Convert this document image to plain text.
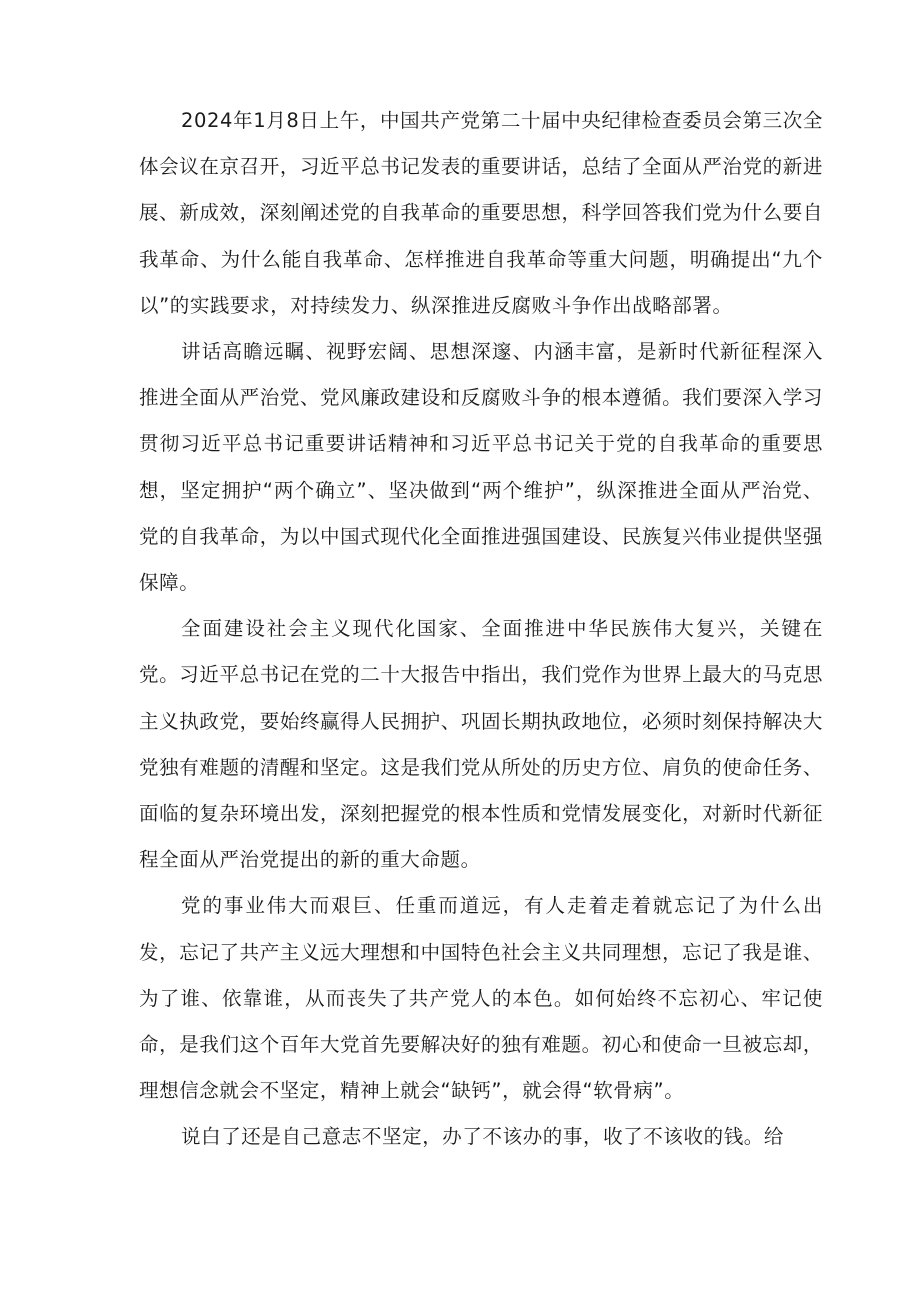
2024年1月8日上午，中国共产党第二十届中央纪律检查委员会第三次全体会议在京召开，习近平总书记发表的重要讲话，总结了全面从严治党的新进展、新成效，深刻阐述党的自我革命的重要思想，科学回答我们党为什么要自我革命、为什么能自我革命、怎样推进自我革命等重大问题，明确提出“九个以”的实践要求，对持续发力、纵深推进反腐败斗争作出战略部署。

讲话高瞻远瞩、视野宏阔、思想深邃、内涵丰富，是新时代新征程深入推进全面从严治党、党风廉政建设和反腐败斗争的根本遵循。我们要深入学习贯彻习近平总书记重要讲话精神和习近平总书记关于党的自我革命的重要思想，坚定拥护“两个确立”、坚决做到“两个维护”，纵深推进全面从严治党、党的自我革命，为以中国式现代化全面推进强国建设、民族复兴伟业提供坚强保障。

全面建设社会主义现代化国家、全面推进中华民族伟大复兴，关键在党。习近平总书记在党的二十大报告中指出，我们党作为世界上最大的马克思主义执政党，要始终赢得人民拥护、巩固长期执政地位，必须时刻保持解决大党独有难题的清醒和坚定。这是我们党从所处的历史方位、肩负的使命任务、面临的复杂环境出发，深刻把握党的根本性质和党情发展变化，对新时代新征程全面从严治党提出的新的重大命题。

党的事业伟大而艰巨、任重而道远，有人走着走着就忘记了为什么出发，忘记了共产主义远大理想和中国特色社会主义共同理想，忘记了我是谁、为了谁、依靠谁，从而丧失了共产党人的本色。如何始终不忘初心、牢记使命，是我们这个百年大党首先要解决好的独有难题。初心和使命一旦被忘却，理想信念就会不坚定，精神上就会“缺钙”，就会得“软骨病”。

说白了还是自己意志不坚定，办了不该办的事，收了不该收的钱。给
